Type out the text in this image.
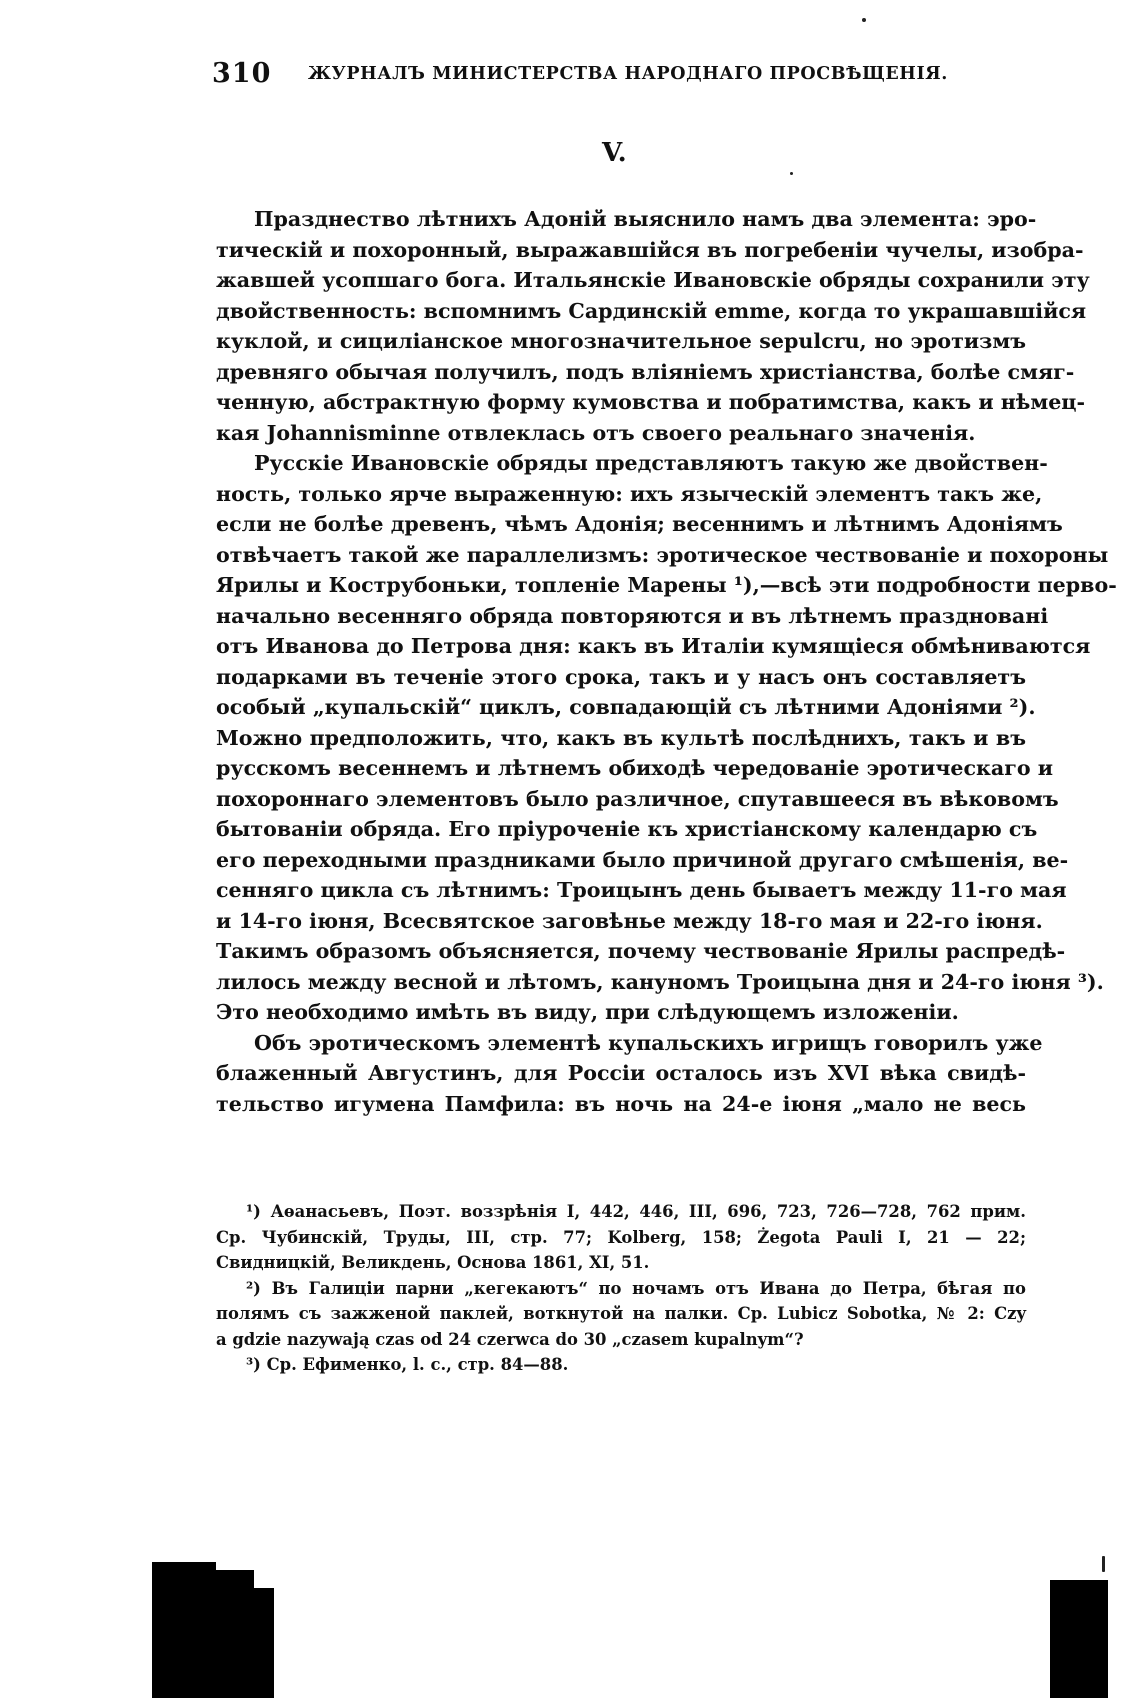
310 ЖУРНАЛЪ МИНИСТЕРСТВА НАРОДНАГО ПРОСВѢЩЕНІЯ.
V.
Празднество лѣтнихъ Адоній выяснило намъ два элемента: эро-
тическій и похоронный, выражавшійся въ погребеніи чучелы, изобра-
жавшей усопшаго бога. Итальянскіе Ивановскіе обряды сохранили эту
двойственность: вспомнимъ Сардинскій emme, когда то украшавшійся
куклой, и сициліанское многозначительное sepulcru, но эротизмъ
древняго обычая получилъ, подъ вліяніемъ христіанства, болѣе смяг-
ченную, абстрактную форму кумовства и побратимства, какъ и нѣмец-
кая Johannisminne отвлеклась отъ своего реальнаго значенія.
Русскіе Ивановскіе обряды представляютъ такую же двойствен-
ность, только ярче выраженную: ихъ языческій элементъ такъ же,
если не болѣе древенъ, чѣмъ Адонія; весеннимъ и лѣтнимъ Адоніямъ
отвѣчаетъ такой же параллелизмъ: эротическое чествованіе и похороны
Ярилы и Кострубоньки, топленіе Марены ¹),—всѣ эти подробности перво-
начально весенняго обряда повторяются и въ лѣтнемъ праздновані
отъ Иванова до Петрова дня: какъ въ Италіи кумящіеся обмѣниваются
подарками въ теченіе этого срока, такъ и у насъ онъ составляетъ
особый „купальскій“ циклъ, совпадающій съ лѣтними Адоніями ²).
Можно предположить, что, какъ въ культѣ послѣднихъ, такъ и въ
русскомъ весеннемъ и лѣтнемъ обиходѣ чередованіе эротическаго и
похороннаго элементовъ было различное, спутавшееся въ вѣковомъ
бытованіи обряда. Его пріуроченіе къ христіанскому календарю съ
его переходными праздниками было причиной другаго смѣшенія, ве-
сенняго цикла съ лѣтнимъ: Троицынъ день бываетъ между 11-го мая
и 14-го іюня, Всесвятское заговѣнье между 18-го мая и 22-го іюня.
Такимъ образомъ объясняется, почему чествованіе Ярилы распредѣ-
лилось между весной и лѣтомъ, кануномъ Троицына дня и 24-го іюня ³).
Это необходимо имѣть въ виду, при слѣдующемъ изложеніи.
Объ эротическомъ элементѣ купальскихъ игрищъ говорилъ уже
блаженный Августинъ, для Россіи осталось изъ XVI вѣка свидѣ-
тельство игумена Памфила: въ ночь на 24-е іюня „мало не весь
¹) Аѳанасьевъ, Поэт. воззрѣнія I, 442, 446, III, 696, 723, 726—728, 762 прим.
Ср. Чубинскій, Труды, III, стр. 77; Kolberg, 158; Żegota Pauli I, 21 — 22;
Свидницкій, Великдень, Основа 1861, XI, 51.
²) Въ Галиціи парни „кегекаютъ“ по ночамъ отъ Ивана до Петра, бѣгая по
полямъ съ зажженой паклей, воткнутой на палки. Ср. Lubicz Sobotka, № 2: Czy
a gdzie nazywają czas od 24 czerwca do 30 „czasem kupalnym“?
³) Ср. Ефименко, l. c., стр. 84—88.
